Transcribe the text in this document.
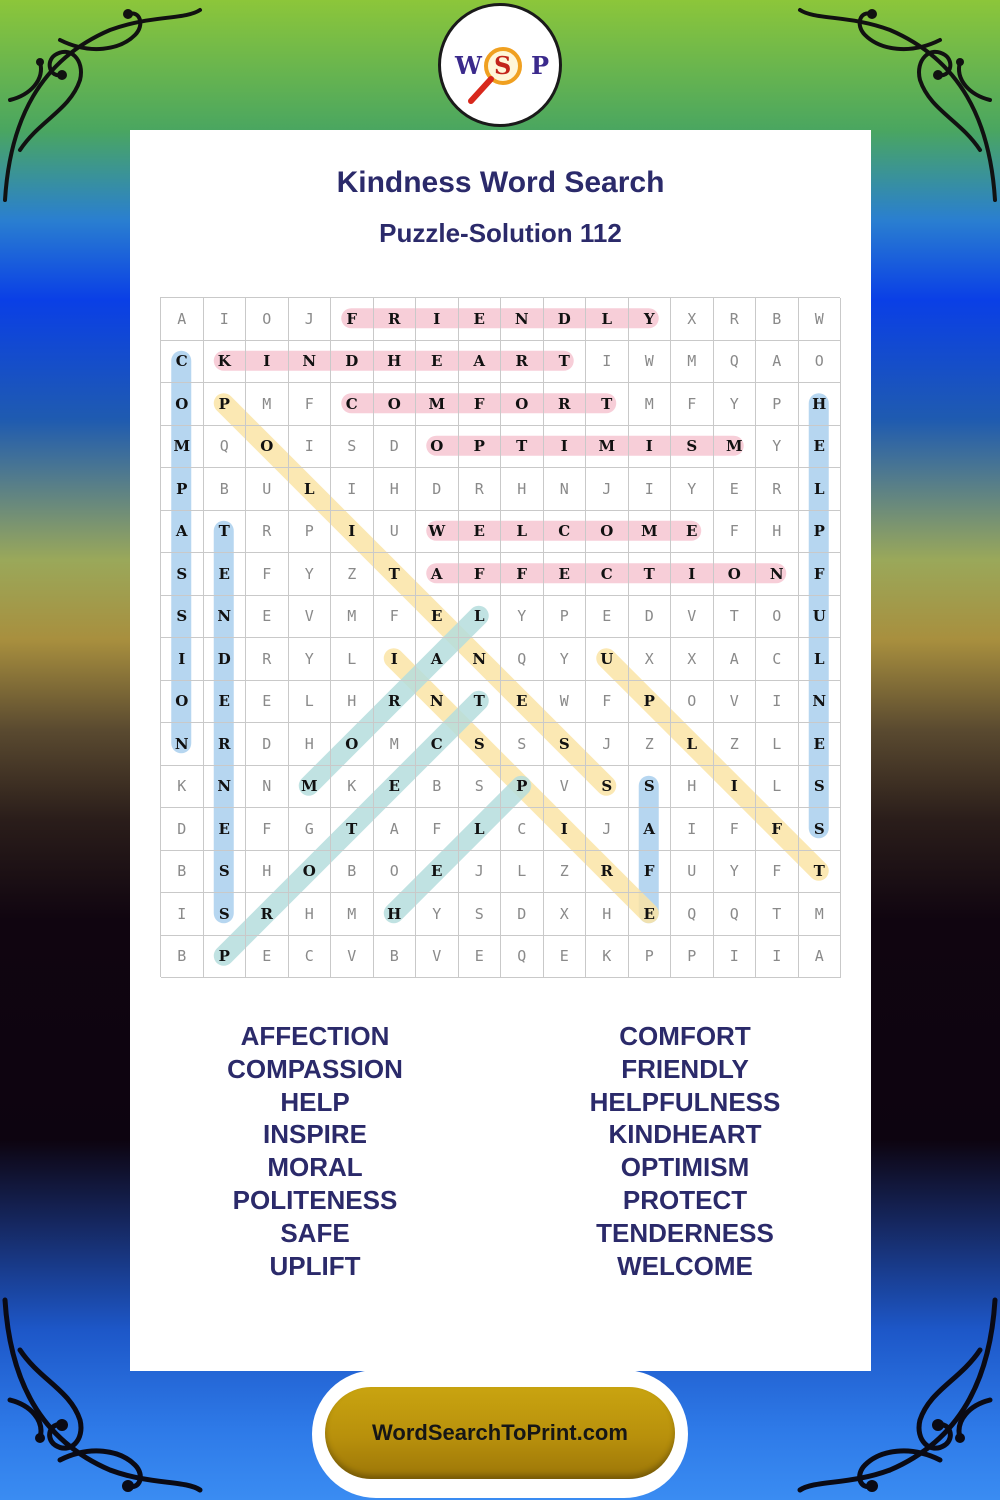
Kindness Word Search
Puzzle-Solution 112
A	I	O	J	F	R	I	E	N	D	L	Y	X	R	B	W
C	K	I	N	D	H	E	A	R	T	I	W	M	Q	A	O
O	P	M	F	C	O	M	F	O	R	T	M	F	Y	P	H
M	Q	O	I	S	D	O	P	T	I	M	I	S	M	Y	E
P	B	U	L	I	H	D	R	H	N	J	I	Y	E	R	L
A	T	R	P	I	U	W	E	L	C	O	M	E	F	H	P
S	E	F	Y	Z	T	A	F	F	E	C	T	I	O	N	F
S	N	E	V	M	F	E	L	Y	P	E	D	V	T	O	U
I	D	R	Y	L	I	A	N	Q	Y	U	X	X	A	C	L
O	E	E	L	H	R	N	T	E	W	F	P	O	V	I	N
N	R	D	H	O	M	C	S	S	S	J	Z	L	Z	L	E
K	N	N	M	K	E	B	S	P	V	S	S	H	I	L	S
D	E	F	G	T	A	F	L	C	I	J	A	I	F	F	S
B	S	H	O	B	O	E	J	L	Z	R	F	U	Y	F	T
I	S	R	H	M	H	Y	S	D	X	H	E	Q	Q	T	M
B	P	E	C	V	B	V	E	Q	E	K	P	P	I	I	A
AFFECTION
COMPASSION
HELP
INSPIRE
MORAL
POLITENESS
SAFE
UPLIFT
COMFORT
FRIENDLY
HELPFULNESS
KINDHEART
OPTIMISM
PROTECT
TENDERNESS
WELCOME
W S P
WordSearchToPrint.com
